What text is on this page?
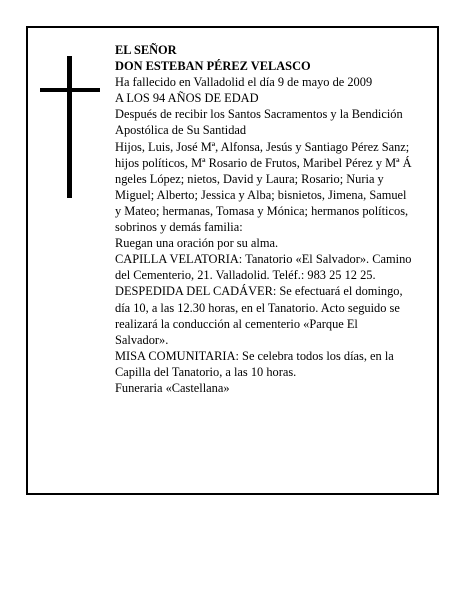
EL SEÑOR

DON ESTEBAN PÉREZ VELASCO

Ha fallecido en Valladolid el día 9 de mayo de 2009

A LOS 94 AÑOS DE EDAD

Después de recibir los Santos Sacramentos y la Bendición Apostólica de Su Santidad

Hijos, Luis, José Mª, Alfonsa, Jesús y Santiago Pérez Sanz; hijos políticos, Mª Rosario de Frutos, Maribel Pérez y Mª Á ngeles López; nietos, David y Laura; Rosario; Nuria y Miguel; Alberto; Jessica y Alba; bisnietos, Jimena, Samuel y Mateo; hermanas, Tomasa y Mónica; hermanos políticos, sobrinos y demás familia:

Ruegan una oración por su alma.

CAPILLA VELATORIA: Tanatorio «El Salvador». Camino del Cementerio, 21. Valladolid. Teléf.: 983 25 12 25.

DESPEDIDA DEL CADÁVER: Se efectuará el domingo, día 10, a las 12.30 horas, en el Tanatorio. Acto seguido se realizará la conducción al cementerio «Parque El Salvador».

MISA COMUNITARIA: Se celebra todos los días, en la Capilla del Tanatorio, a las 10 horas.

Funeraria «Castellana»
